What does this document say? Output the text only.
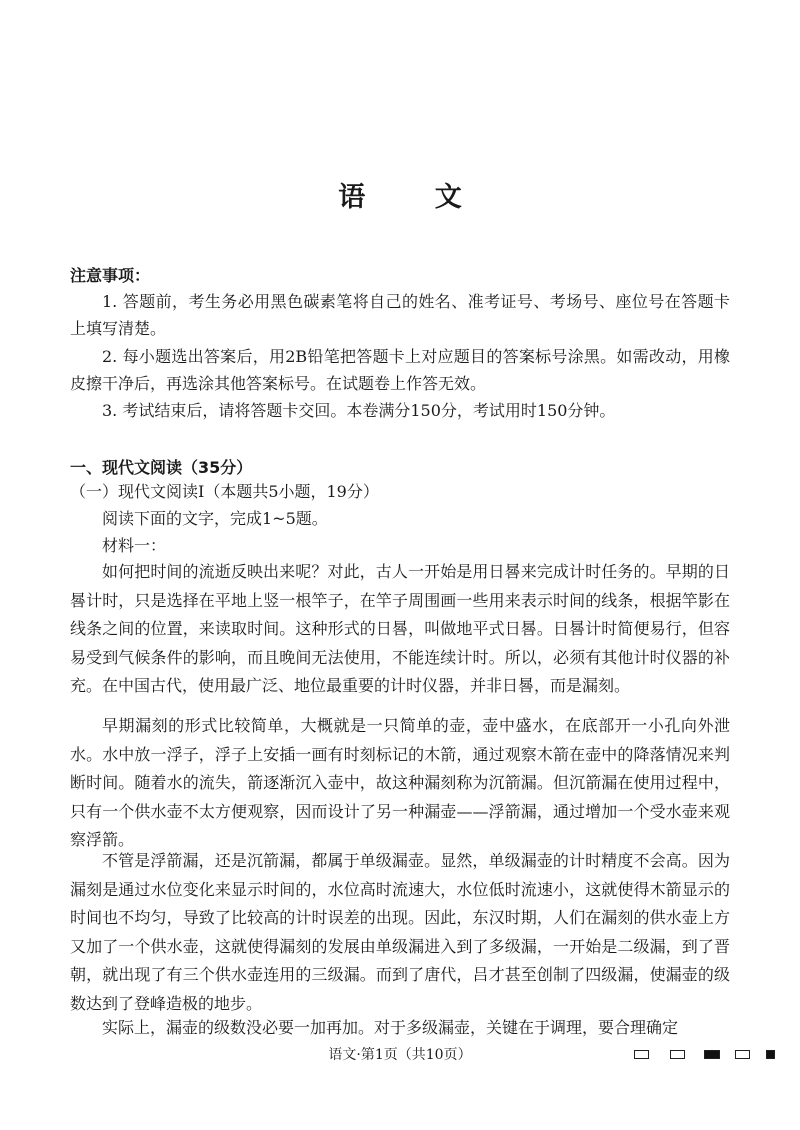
语 文
注意事项：
1. 答题前，考生务必用黑色碳素笔将自己的姓名、准考证号、考场号、座位号在答题卡上填写清楚。
2. 每小题选出答案后，用2B铅笔把答题卡上对应题目的答案标号涂黑。如需改动，用橡皮擦干净后，再选涂其他答案标号。在试题卷上作答无效。
3. 考试结束后，请将答题卡交回。本卷满分150分，考试用时150分钟。
一、现代文阅读（35分）
（一）现代文阅读Ⅰ（本题共5小题，19分）
阅读下面的文字，完成1~5题。
材料一：
如何把时间的流逝反映出来呢？对此，古人一开始是用日晷来完成计时任务的。早期的日晷计时，只是选择在平地上竖一根竿子，在竿子周围画一些用来表示时间的线条，根据竿影在线条之间的位置，来读取时间。这种形式的日晷，叫做地平式日晷。日晷计时简便易行，但容易受到气候条件的影响，而且晚间无法使用，不能连续计时。所以，必须有其他计时仪器的补充。在中国古代，使用最广泛、地位最重要的计时仪器，并非日晷，而是漏刻。
早期漏刻的形式比较简单，大概就是一只简单的壶，壶中盛水，在底部开一小孔向外泄水。水中放一浮子，浮子上安插一画有时刻标记的木箭，通过观察木箭在壶中的降落情况来判断时间。随着水的流失，箭逐渐沉入壶中，故这种漏刻称为沉箭漏。但沉箭漏在使用过程中，只有一个供水壶不太方便观察，因而设计了另一种漏壶——浮箭漏，通过增加一个受水壶来观察浮箭。
不管是浮箭漏，还是沉箭漏，都属于单级漏壶。显然，单级漏壶的计时精度不会高。因为漏刻是通过水位变化来显示时间的，水位高时流速大，水位低时流速小，这就使得木箭显示的时间也不均匀，导致了比较高的计时误差的出现。因此，东汉时期，人们在漏刻的供水壶上方又加了一个供水壶，这就使得漏刻的发展由单级漏进入到了多级漏，一开始是二级漏，到了晋朝，就出现了有三个供水壶连用的三级漏。而到了唐代，吕才甚至创制了四级漏，使漏壶的级数达到了登峰造极的地步。
实际上，漏壶的级数没必要一加再加。对于多级漏壶，关键在于调理，要合理确定
语文·第1页（共10页）
